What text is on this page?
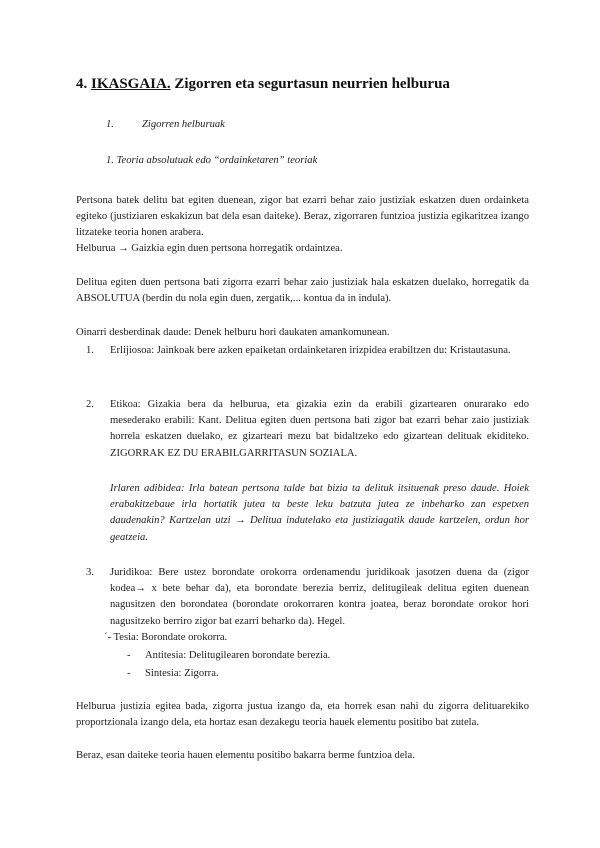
4. IKASGAIA. Zigorren eta segurtasun neurrien helburua
1.	Zigorren helburuak
1. Teoria absolutuak edo “ordainketaren” teoriak

Pertsona batek delitu bat egiten duenean, zigor bat ezarri behar zaio justiziak eskatzen duen ordainketa egiteko (justiziaren eskakizun bat dela esan daiteke). Beraz, zigorraren funtzioa justizia egikaritzea izango litzateke teoria honen arabera.

Helburua → Gaizkia egin duen pertsona horregatik ordaintzea.

Delitua egiten duen pertsona bati zigorra ezarri behar zaio justiziak hala eskatzen duelako, horregatik da ABSOLUTUA (berdin du nola egin duen, zergatik,... kontua da in indula).

Oinarri desberdinak daude: Denek helburu hori daukaten amankomunean.

1. Erlijiosoa: Jainkoak bere azken epaiketan ordainketaren irizpidea erabiltzen du: Kristautasuna.
2. Etikoa: Gizakia bera da helburua, eta gizakia ezin da erabili gizartearen onurarako edo mesederako erabili: Kant. Delitua egiten duen pertsona bati zigor bat ezarri behar zaio justiziak horrela eskatzen duelako, ez gizarteari mezu bat bidaltzeko edo gizartean delituak ekiditeko. ZIGORRAK EZ DU ERABILGARRITASUN SOZIALA.

Irlaren adibidea: Irla batean pertsona talde bat bizia ta delituk itsituenak preso daude. Hoiek erabakitzebaue irla hortatik jutea ta beste leku batzuta jutea ze inbeharko zan espetxen daudenakin? Kartzelan utzi → Delitua indutelako eta justiziagatik daude kartzelen, ordun hor geatzeia.

3. Juridikoa: Bere ustez borondate orokorra ordenamendu juridikoak jasotzen duena da (zigor kodea→ x bete behar da), eta borondate berezia berriz, delitugileak delitua egiten duenean nagusitzen den borondatea (borondate orokorraren kontra joatea, beraz borondate orokor hori nagusitzeko berriro zigor bat ezarri beharko da). Hegel.
´- Tesia: Borondate orokorra.
- Antitesia: Delitugilearen borondate berezia.
- Sintesia: Zigorra.

Helburua justizia egitea bada, zigorra justua izango da, eta horrek esan nahi du zigorra delituarekiko proportzionala izango dela, eta hortaz esan dezakegu teoria hauek elementu positibo bat zutela.

Beraz, esan daiteke teoria hauen elementu positibo bakarra berme funtzioa dela.
